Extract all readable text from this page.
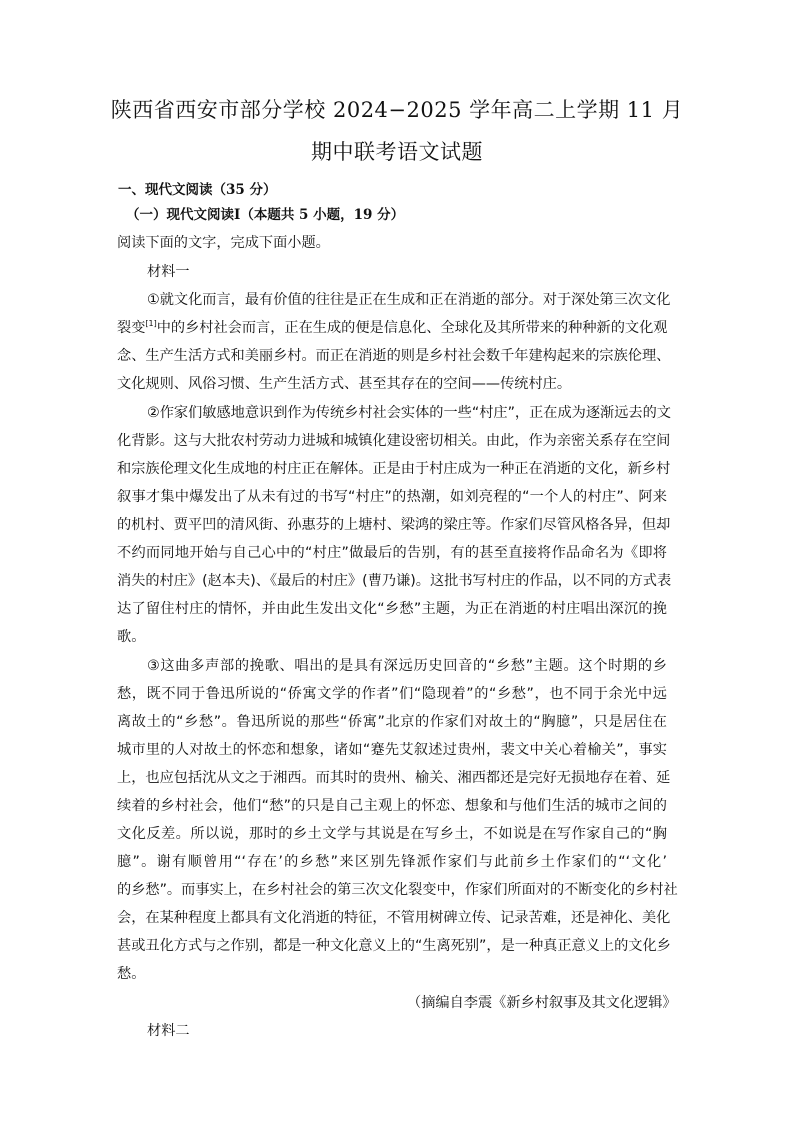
陕西省西安市部分学校 2024−2025 学年高二上学期 11 月
期中联考语文试题
一、现代文阅读（35 分）
（一）现代文阅读Ⅰ（本题共 5 小题，19 分）
阅读下面的文字，完成下面小题。
材料一
①就文化而言，最有价值的往往是正在生成和正在消逝的部分。对于深处第三次文化
裂变[1]中的乡村社会而言，正在生成的便是信息化、全球化及其所带来的种种新的文化观
念、生产生活方式和美丽乡村。而正在消逝的则是乡村社会数千年建构起来的宗族伦理、
文化规则、风俗习惯、生产生活方式、甚至其存在的空间——传统村庄。
②作家们敏感地意识到作为传统乡村社会实体的一些“村庄”，正在成为逐渐远去的文
化背影。这与大批农村劳动力进城和城镇化建设密切相关。由此，作为亲密关系存在空间
和宗族伦理文化生成地的村庄正在解体。正是由于村庄成为一种正在消逝的文化，新乡村
叙事才集中爆发出了从未有过的书写“村庄”的热潮，如刘亮程的“一个人的村庄”、阿来
的机村、贾平凹的清风街、孙惠芬的上塘村、梁鸿的梁庄等。作家们尽管风格各异，但却
不约而同地开始与自己心中的“村庄”做最后的告别，有的甚至直接将作品命名为《即将
消失的村庄》(赵本夫)、《最后的村庄》(曹乃谦)。这批书写村庄的作品，以不同的方式表
达了留住村庄的情怀，并由此生发出文化“乡愁”主题，为正在消逝的村庄唱出深沉的挽
歌。
③这曲多声部的挽歌、唱出的是具有深远历史回音的“乡愁”主题。这个时期的乡
愁，既不同于鲁迅所说的“侨寓文学的作者”们“隐现着”的“乡愁”，也不同于余光中远
离故土的“乡愁”。鲁迅所说的那些“侨寓”北京的作家们对故土的“胸臆”，只是居住在
城市里的人对故土的怀恋和想象，诸如“蹇先艾叙述过贵州，裴文中关心着榆关”，事实
上，也应包括沈从文之于湘西。而其时的贵州、榆关、湘西都还是完好无损地存在着、延
续着的乡村社会，他们“愁”的只是自己主观上的怀恋、想象和与他们生活的城市之间的
文化反差。所以说，那时的乡土文学与其说是在写乡土，不如说是在写作家自己的“胸
臆”。谢有顺曾用“‘存在’的乡愁”来区别先锋派作家们与此前乡土作家们的“‘文化’
的乡愁”。而事实上，在乡村社会的第三次文化裂变中，作家们所面对的不断变化的乡村社
会，在某种程度上都具有文化消逝的特征，不管用树碑立传、记录苦难，还是神化、美化
甚或丑化方式与之作别，都是一种文化意义上的“生离死别”，是一种真正意义上的文化乡
愁。
（摘编自李震《新乡村叙事及其文化逻辑》
材料二
